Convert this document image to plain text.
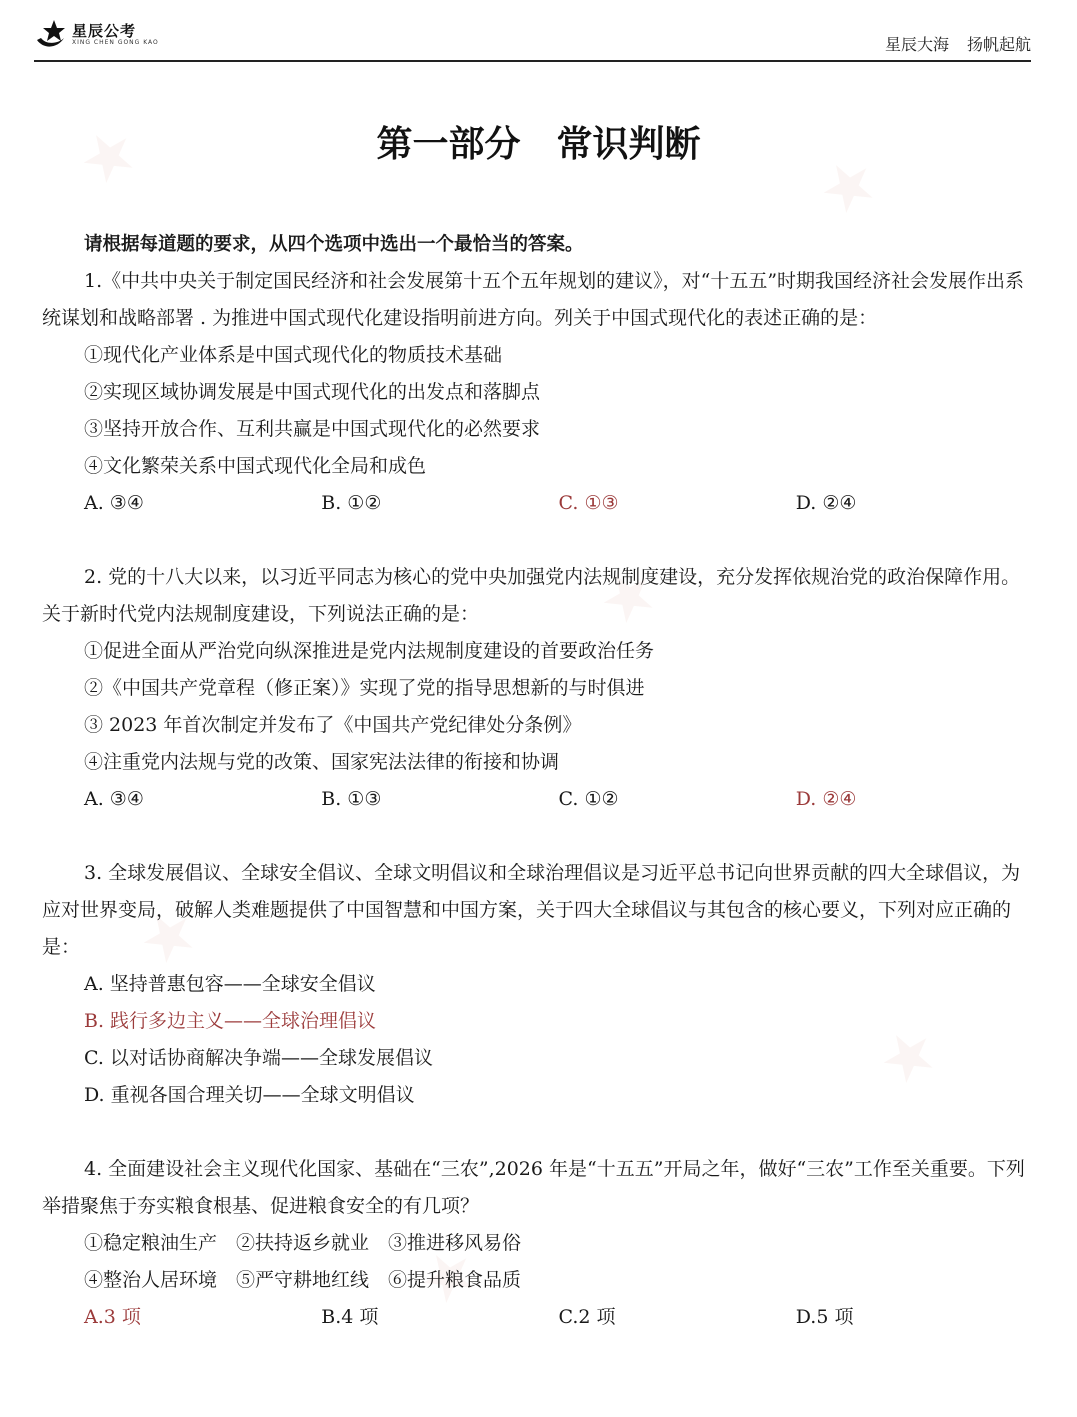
★	★
★
★
★
★
星辰公考
XING CHEN GONG KAO	星辰大海 扬帆起航
第一部分　常识判断
请根据每道题的要求，从四个选项中选出一个最恰当的答案。

1.《中共中央关于制定国民经济和社会发展第十五个五年规划的建议》，对“十五五”时期我国经济社会发展作出系统谋划和战略部署 . 为推进中国式现代化建设指明前进方向。列关于中国式现代化的表述正确的是：

①现代化产业体系是中国式现代化的物质技术基础

②实现区域协调发展是中国式现代化的出发点和落脚点

③坚持开放合作、互利共赢是中国式现代化的必然要求

④文化繁荣关系中国式现代化全局和成色

A. ③④	B. ①②	C. ①③	D. ②④

2. 党的十八大以来，以习近平同志为核心的党中央加强党内法规制度建设，充分发挥依规治党的政治保障作用。关于新时代党内法规制度建设，下列说法正确的是：

①促进全面从严治党向纵深推进是党内法规制度建设的首要政治任务

②《中国共产党章程（修正案）》实现了党的指导思想新的与时俱进

③ 2023 年首次制定并发布了《中国共产党纪律处分条例》

④注重党内法规与党的改策、国家宪法法律的衔接和协调

A. ③④	B. ①③	C. ①②	D. ②④

3. 全球发展倡议、全球安全倡议、全球文明倡议和全球治理倡议是习近平总书记向世界贡献的四大全球倡议，为应对世界变局，破解人类难题提供了中国智慧和中国方案，关于四大全球倡议与其包含的核心要义，下列对应正确的是：

A. 坚持普惠包容——全球安全倡议

B. 践行多边主义——全球治理倡议

C. 以对话协商解决争端——全球发展倡议

D. 重视各国合理关切——全球文明倡议

4. 全面建设社会主义现代化国家、基础在“三农”,2026 年是“十五五”开局之年，做好“三农”工作至关重要。下列举措聚焦于夯实粮食根基、促进粮食安全的有几项？

①稳定粮油生产　②扶持返乡就业　③推进移风易俗

④整治人居环境　⑤严守耕地红线　⑥提升粮食品质

A.3 项	B.4 项	C.2 项	D.5 项
